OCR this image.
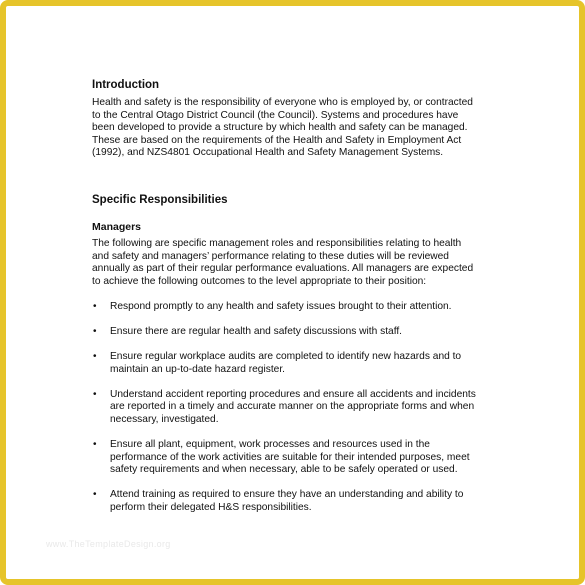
Introduction

Health and safety is the responsibility of everyone who is employed by, or contracted
to the Central Otago District Council (the Council). Systems and procedures have
been developed to provide a structure by which health and safety can be managed.
These are based on the requirements of the Health and Safety in Employment Act
(1992), and NZS4801 Occupational Health and Safety Management Systems.

Specific Responsibilities
Managers

The following are specific management roles and responsibilities relating to health
and safety and managers’ performance relating to these duties will be reviewed
annually as part of their regular performance evaluations. All managers are expected
to achieve the following outcomes to the level appropriate to their position:

• Respond promptly to any health and safety issues brought to their attention.
• Ensure there are regular health and safety discussions with staff.
• Ensure regular workplace audits are completed to identify new hazards and to
maintain an up-to-date hazard register.
• Understand accident reporting procedures and ensure all accidents and incidents
are reported in a timely and accurate manner on the appropriate forms and when
necessary, investigated.
• Ensure all plant, equipment, work processes and resources used in the
performance of the work activities are suitable for their intended purposes, meet
safety requirements and when necessary, able to be safely operated or used.
• Attend training as required to ensure they have an understanding and ability to
perform their delegated H&S responsibilities.
www.TheTemplateDesign.org
